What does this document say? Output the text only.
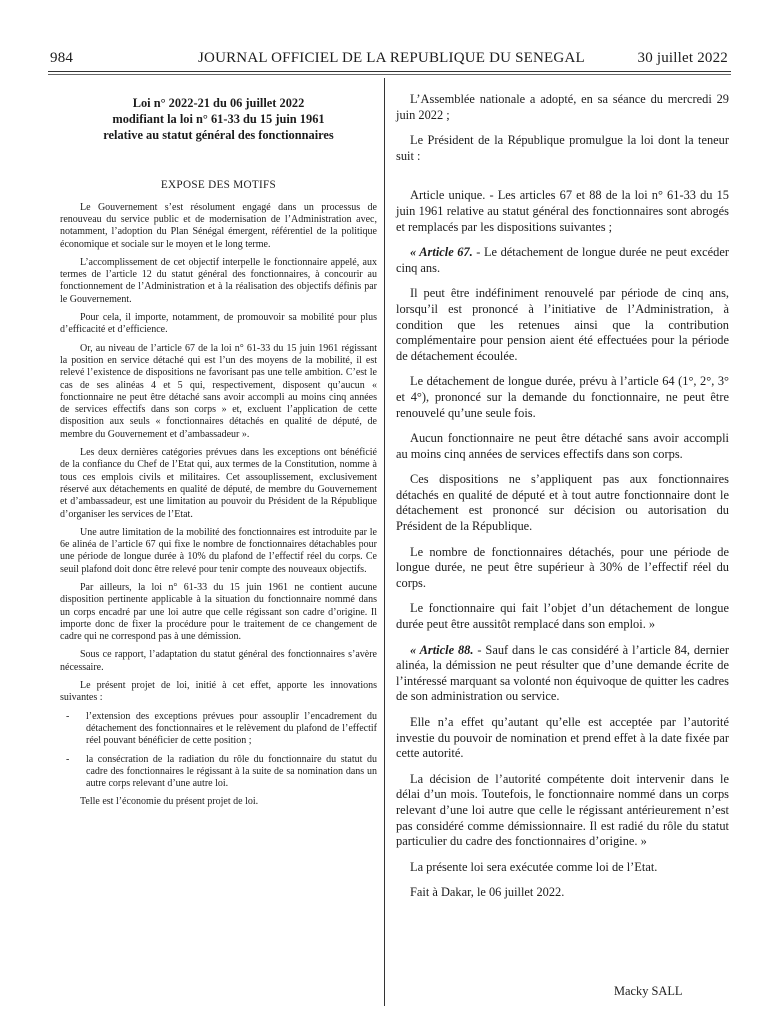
984	JOURNAL OFFICIEL DE LA REPUBLIQUE DU SENEGAL	30 juillet 2022
Loi n° 2022-21 du 06 juillet 2022
modifiant la loi n° 61-33 du 15 juin 1961
relative au statut général des fonctionnaires
EXPOSE DES MOTIFS

Le Gouvernement s’est résolument engagé dans un processus de renouveau du service public et de modernisation de l’Administration avec, notamment, l’adoption du Plan Sénégal émergent, référentiel de la politique économique et sociale sur le moyen et le long terme.

L’accomplissement de cet objectif interpelle le fonctionnaire appelé, aux termes de l’article 12 du statut général des fonctionnaires, à concourir au fonctionnement de l’Administration et à la réalisation des objectifs définis par le Gouvernement.

Pour cela, il importe, notamment, de promouvoir sa mobilité pour plus d’efficacité et d’efficience.

Or, au niveau de l’article 67 de la loi n° 61-33 du 15 juin 1961 régissant la position en service détaché qui est l’un des moyens de la mobilité, il est relevé l’existence de dispositions ne favorisant pas une telle ambition. C’est le cas de ses alinéas 4 et 5 qui, respectivement, disposent qu’aucun « fonctionnaire ne peut être détaché sans avoir accompli au moins cinq années de services effectifs dans son corps » et, excluent l’application de cette disposition aux seuls « fonctionnaires détachés en qualité de député, de membre du Gouvernement et d’ambassadeur ».

Les deux dernières catégories prévues dans les exceptions ont bénéficié de la confiance du Chef de l’Etat qui, aux termes de la Constitution, nomme à tous ces emplois civils et militaires. Cet assouplissement, exclusivement réservé aux détachements en qualité de député, de membre du Gouvernement et d’ambassadeur, est une limitation au pouvoir du Président de la République d’organiser les services de l’Etat.

Une autre limitation de la mobilité des fonctionnaires est introduite par le 6e alinéa de l’article 67 qui fixe le nombre de fonctionnaires détachables pour une période de longue durée à 10% du plafond de l’effectif réel du corps. Ce seuil plafond doit donc être relevé pour tenir compte des nouveaux objectifs.

Par ailleurs, la loi n° 61-33 du 15 juin 1961 ne contient aucune disposition pertinente applicable à la situation du fonctionnaire nommé dans un corps encadré par une loi autre que celle régissant son cadre d’origine. Il importe donc de fixer la procédure pour le traitement de ce changement de cadre qui ne correspond pas à une démission.

Sous ce rapport, l’adaptation du statut général des fonctionnaires s’avère nécessaire.

Le présent projet de loi, initié à cet effet, apporte les innovations suivantes :

- l’extension des exceptions prévues pour assouplir l’encadrement du détachement des fonctionnaires et le relèvement du plafond de l’effectif réel pouvant bénéficier de cette position ;

- la consécration de la radiation du rôle du fonctionnaire du statut du cadre des fonctionnaires le régissant à la suite de sa nomination dans un autre corps relevant d’une autre loi.

Telle est l’économie du présent projet de loi.

L’Assemblée nationale a adopté, en sa séance du mercredi 29 juin 2022 ;

Le Président de la République promulgue la loi dont la teneur suit :

Article unique. - Les articles 67 et 88 de la loi n° 61-33 du 15 juin 1961 relative au statut général des fonctionnaires sont abrogés et remplacés par les dispositions suivantes ;

« Article 67. - Le détachement de longue durée ne peut excéder cinq ans.

Il peut être indéfiniment renouvelé par période de cinq ans, lorsqu’il est prononcé à l’initiative de l’Administration, à condition que les retenues ainsi que la contribution complémentaire pour pension aient été effectuées pour la période de détachement écoulée.

Le détachement de longue durée, prévu à l’article 64 (1°, 2°, 3° et 4°), prononcé sur la demande du fonctionnaire, ne peut être renouvelé qu’une seule fois.

Aucun fonctionnaire ne peut être détaché sans avoir accompli au moins cinq années de services effectifs dans son corps.

Ces dispositions ne s’appliquent pas aux fonctionnaires détachés en qualité de député et à tout autre fonctionnaire dont le détachement est prononcé sur décision ou autorisation du Président de la République.

Le nombre de fonctionnaires détachés, pour une période de longue durée, ne peut être supérieur à 30% de l’effectif réel du corps.

Le fonctionnaire qui fait l’objet d’un détachement de longue durée peut être aussitôt remplacé dans son emploi. »

« Article 88. - Sauf dans le cas considéré à l’article 84, dernier alinéa, la démission ne peut résulter que d’une demande écrite de l’intéressé marquant sa volonté non équivoque de quitter les cadres de son administration ou service.

Elle n’a effet qu’autant qu’elle est acceptée par l’autorité investie du pouvoir de nomination et prend effet à la date fixée par cette autorité.

La décision de l’autorité compétente doit intervenir dans le délai d’un mois. Toutefois, le fonctionnaire nommé dans un corps relevant d’une loi autre que celle le régissant antérieurement n’est pas considéré comme démissionnaire. Il est radié du rôle du statut particulier du cadre des fonctionnaires d’origine. »

La présente loi sera exécutée comme loi de l’Etat.

Fait à Dakar, le 06 juillet 2022.

Macky SALL
